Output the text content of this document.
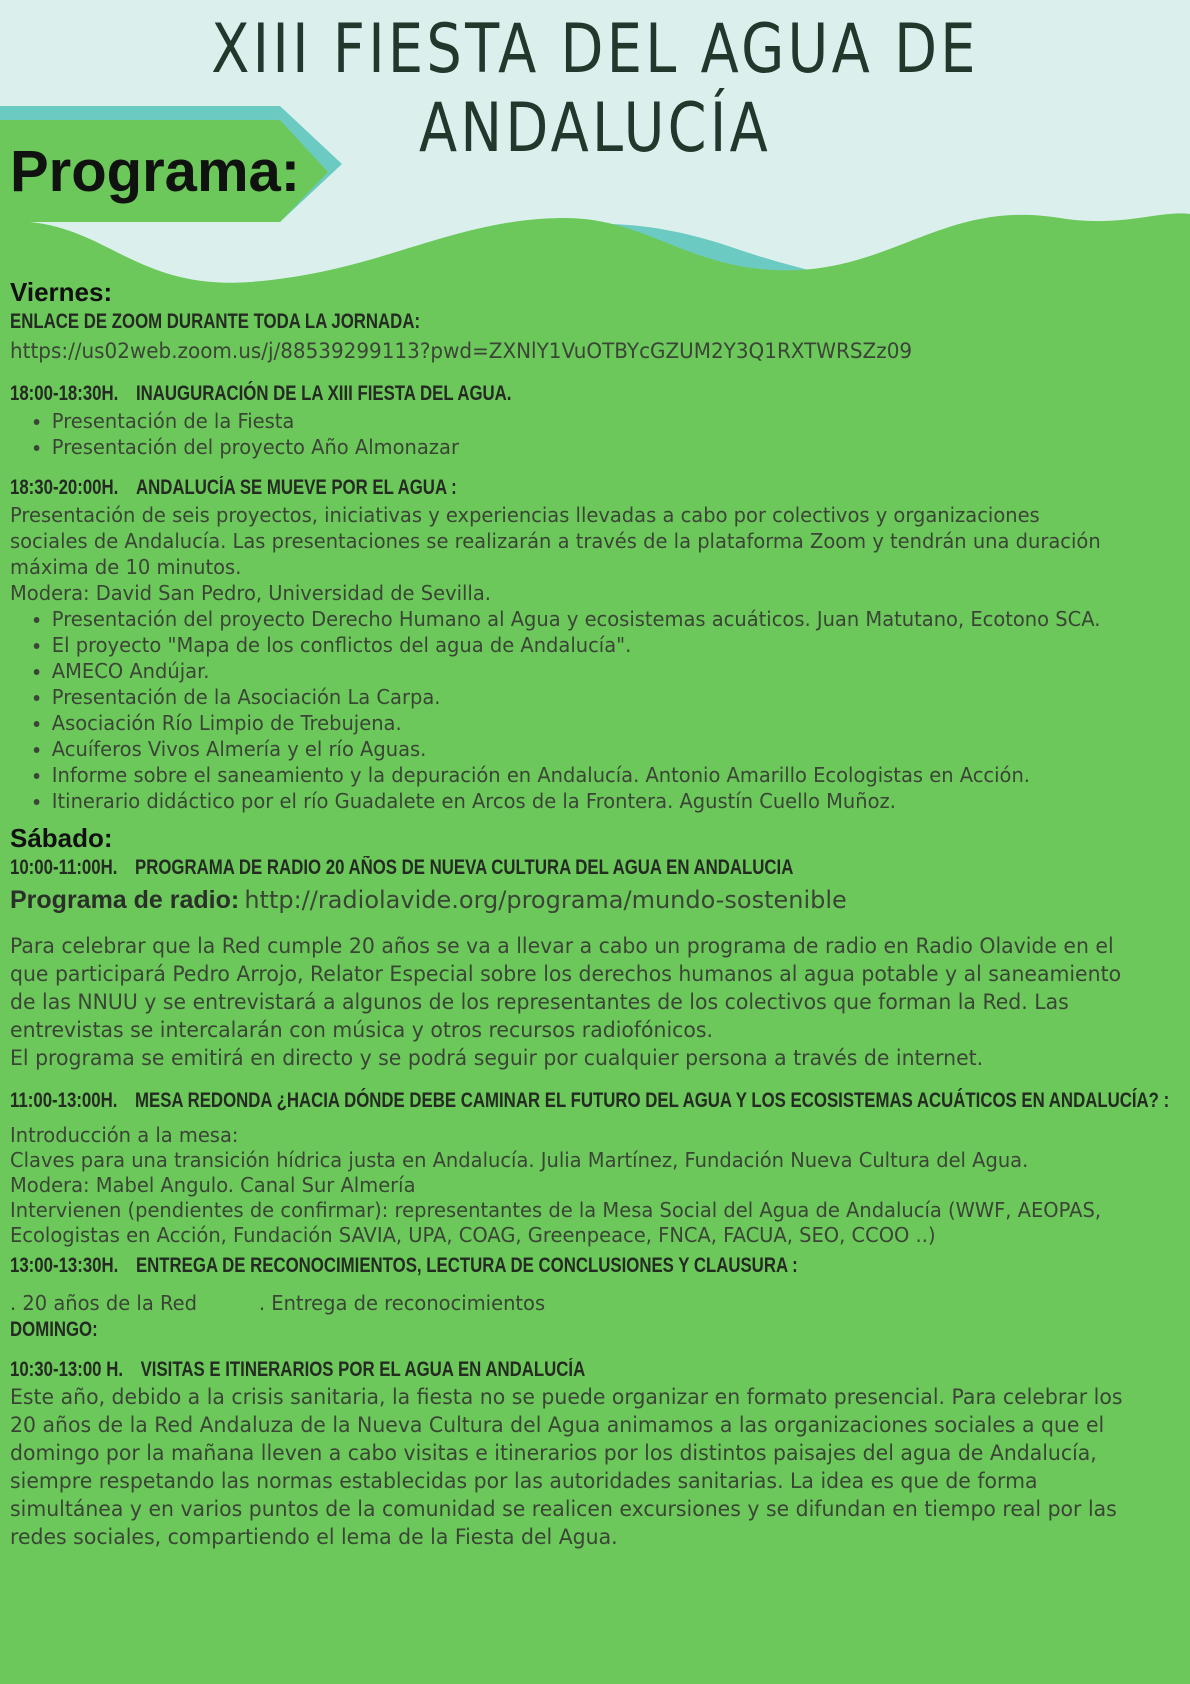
XIII FIESTA DEL AGUA DE ANDALUCÍA
Programa:
Viernes:
ENLACE DE ZOOM DURANTE TODA LA JORNADA:
https://us02web.zoom.us/j/88539299113?pwd=ZXNlY1VuOTBYcGZUM2Y3Q1RXTWRSZz09
18:00-18:30H. INAUGURACIÓN DE LA XIII FIESTA DEL AGUA.
• Presentación de la Fiesta
• Presentación del proyecto Año Almonazar
18:30-20:00H. ANDALUCÍA SE MUEVE POR EL AGUA :
Presentación de seis proyectos, iniciativas y experiencias llevadas a cabo por colectivos y organizaciones sociales de Andalucía. Las presentaciones se realizarán a través de la plataforma Zoom y tendrán una duración máxima de 10 minutos.
Modera: David San Pedro, Universidad de Sevilla.
• Presentación del proyecto Derecho Humano al Agua y ecosistemas acuáticos. Juan Matutano, Ecotono SCA.
• El proyecto "Mapa de los conflictos del agua de Andalucía".
• AMECO Andújar.
• Presentación de la Asociación La Carpa.
• Asociación Río Limpio de Trebujena.
• Acuíferos Vivos Almería y el río Aguas.
• Informe sobre el saneamiento y la depuración en Andalucía. Antonio Amarillo Ecologistas en Acción.
• Itinerario didáctico por el río Guadalete en Arcos de la Frontera. Agustín Cuello Muñoz.
Sábado:
10:00-11:00H. PROGRAMA DE RADIO 20 AÑOS DE NUEVA CULTURA DEL AGUA EN ANDALUCIA
Programa de radio: http://radiolavide.org/programa/mundo-sostenible
Para celebrar que la Red cumple 20 años se va a llevar a cabo un programa de radio en Radio Olavide en el que participará Pedro Arrojo, Relator Especial sobre los derechos humanos al agua potable y al saneamiento de las NNUU y se entrevistará a algunos de los representantes de los colectivos que forman la Red. Las entrevistas se intercalarán con música y otros recursos radiofónicos.
El programa se emitirá en directo y se podrá seguir por cualquier persona a través de internet.
11:00-13:00H. MESA REDONDA ¿HACIA DÓNDE DEBE CAMINAR EL FUTURO DEL AGUA Y LOS ECOSISTEMAS ACUÁTICOS EN ANDALUCÍA? :
Introducción a la mesa:
Claves para una transición hídrica justa en Andalucía. Julia Martínez, Fundación Nueva Cultura del Agua.
Modera: Mabel Angulo. Canal Sur Almería
Intervienen (pendientes de confirmar): representantes de la Mesa Social del Agua de Andalucía (WWF, AEOPAS, Ecologistas en Acción, Fundación SAVIA, UPA, COAG, Greenpeace, FNCA, FACUA, SEO, CCOO ..)
13:00-13:30H. ENTREGA DE RECONOCIMIENTOS, LECTURA DE CONCLUSIONES Y CLAUSURA :
. 20 años de la Red	. Entrega de reconocimientos
DOMINGO:
10:30-13:00 H. VISITAS E ITINERARIOS POR EL AGUA EN ANDALUCÍA
Este año, debido a la crisis sanitaria, la fiesta no se puede organizar en formato presencial. Para celebrar los 20 años de la Red Andaluza de la Nueva Cultura del Agua animamos a las organizaciones sociales a que el domingo por la mañana lleven a cabo visitas e itinerarios por los distintos paisajes del agua de Andalucía, siempre respetando las normas establecidas por las autoridades sanitarias. La idea es que de forma simultánea y en varios puntos de la comunidad se realicen excursiones y se difundan en tiempo real por las redes sociales, compartiendo el lema de la Fiesta del Agua.
